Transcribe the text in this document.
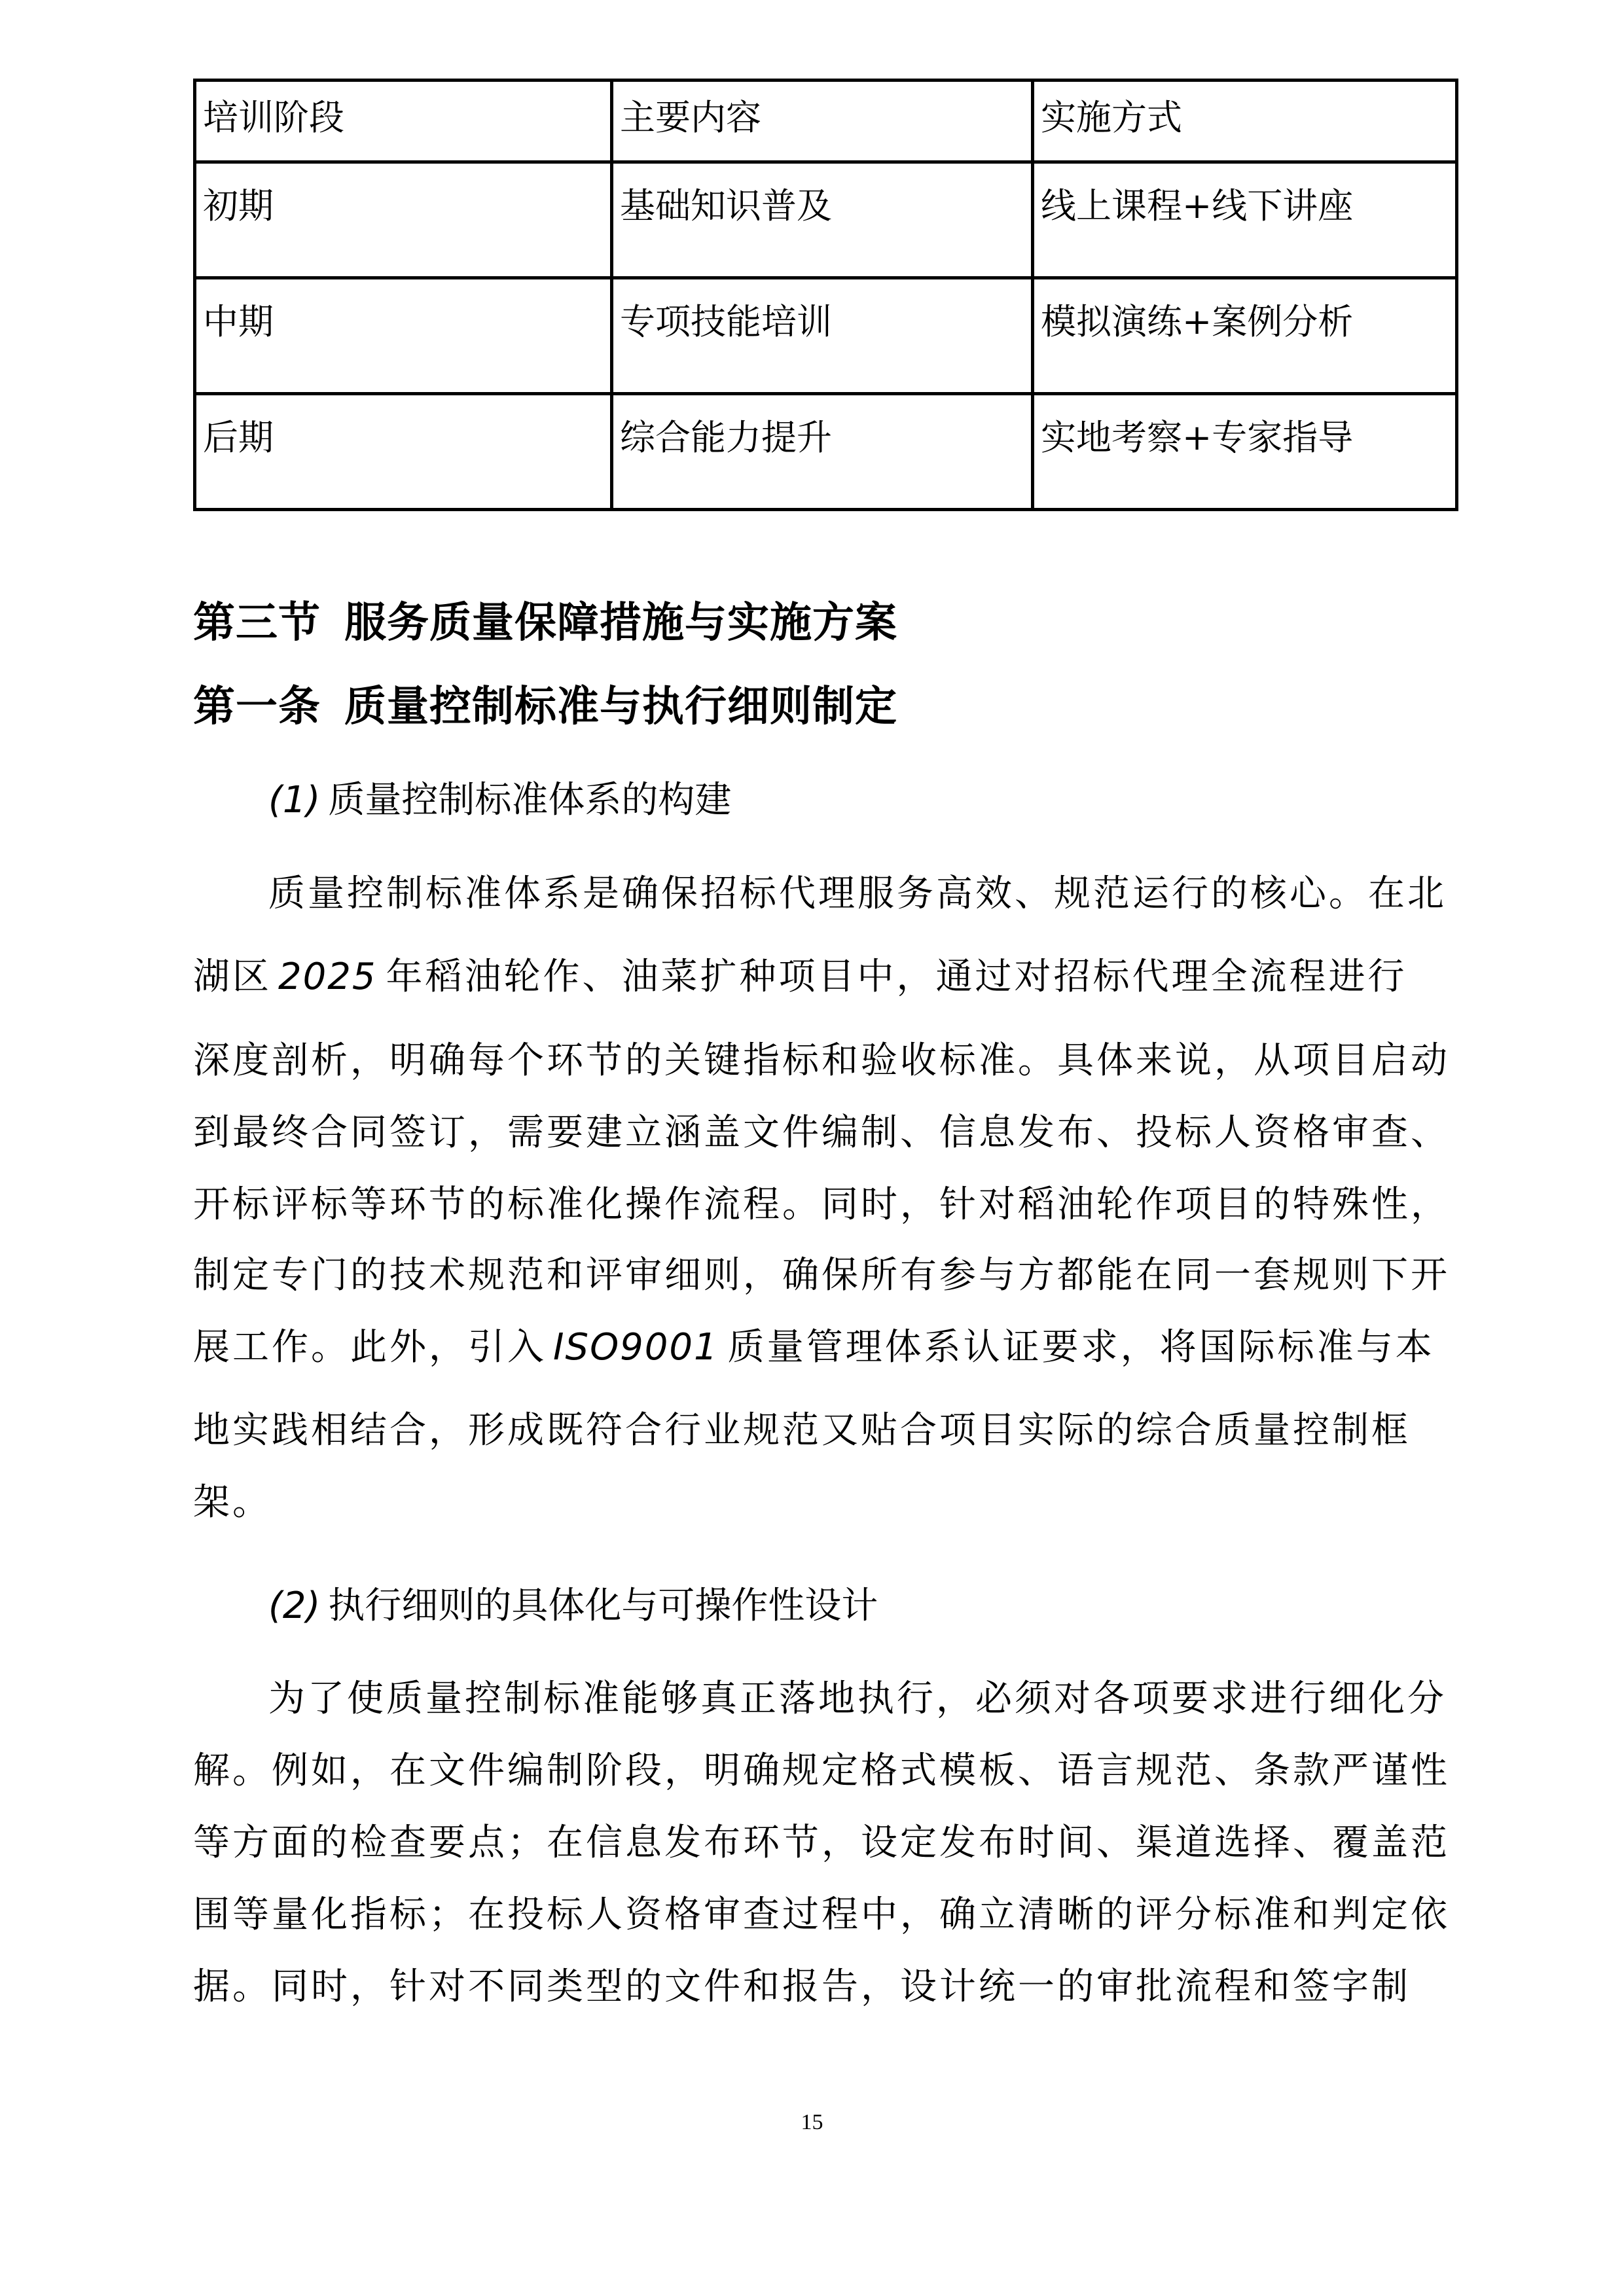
培训阶段	主要内容	实施方式
初期	基础知识普及	线上课程+线下讲座
中期	专项技能培训	模拟演练+案例分析
后期	综合能力提升	实地考察+专家指导
第三节 服务质量保障措施与实施方案
第一条 质量控制标准与执行细则制定
(1) 质量控制标准体系的构建
质量控制标准体系是确保招标代理服务高效、规范运行的核心。在北
湖区 2025 年稻油轮作、油菜扩种项目中，通过对招标代理全流程进行
深度剖析，明确每个环节的关键指标和验收标准。具体来说，从项目启动
到最终合同签订，需要建立涵盖文件编制、信息发布、投标人资格审查、
开标评标等环节的标准化操作流程。同时，针对稻油轮作项目的特殊性，
制定专门的技术规范和评审细则，确保所有参与方都能在同一套规则下开
展工作。此外，引入 ISO9001 质量管理体系认证要求，将国际标准与本
地实践相结合，形成既符合行业规范又贴合项目实际的综合质量控制框
架。
(2) 执行细则的具体化与可操作性设计
为了使质量控制标准能够真正落地执行，必须对各项要求进行细化分
解。例如，在文件编制阶段，明确规定格式模板、语言规范、条款严谨性
等方面的检查要点；在信息发布环节，设定发布时间、渠道选择、覆盖范
围等量化指标；在投标人资格审查过程中，确立清晰的评分标准和判定依
据。同时，针对不同类型的文件和报告，设计统一的审批流程和签字制
15
